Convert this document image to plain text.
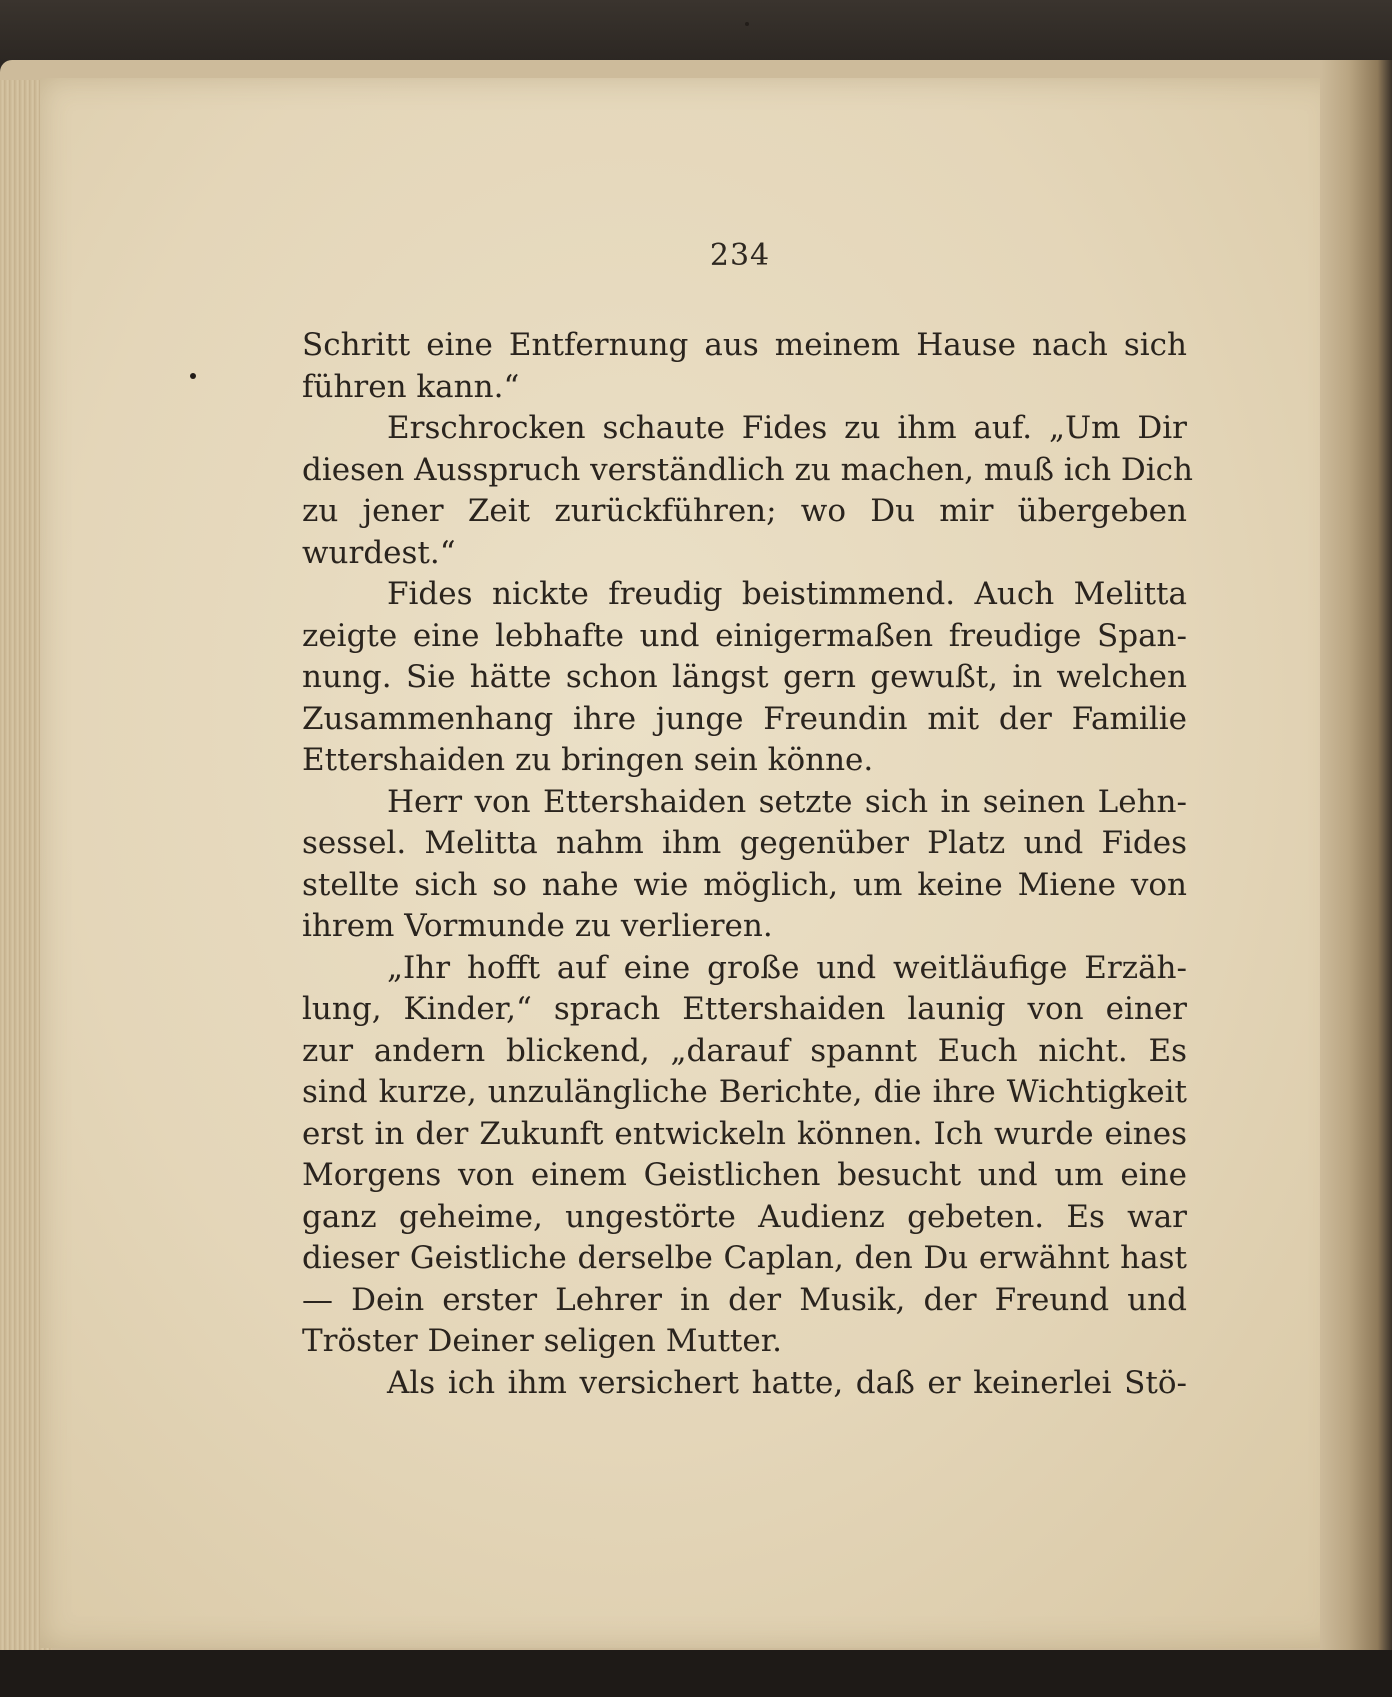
234
Schritt eine Entfernung aus meinem Hause nach sich
führen kann.“
Erschrocken schaute Fides zu ihm auf. „Um Dir
diesen Ausspruch verständlich zu machen, muß ich Dich
zu jener Zeit zurückführen; wo Du mir übergeben
wurdest.“
Fides nickte freudig beistimmend. Auch Melitta
zeigte eine lebhafte und einigermaßen freudige Span-
nung. Sie hätte schon längst gern gewußt, in welchen
Zusammenhang ihre junge Freundin mit der Familie
Ettershaiden zu bringen sein könne.
Herr von Ettershaiden setzte sich in seinen Lehn-
sessel. Melitta nahm ihm gegenüber Platz und Fides
stellte sich so nahe wie möglich, um keine Miene von
ihrem Vormunde zu verlieren.
„Ihr hofft auf eine große und weitläufige Erzäh-
lung, Kinder,“ sprach Ettershaiden launig von einer
zur andern blickend, „darauf spannt Euch nicht. Es
sind kurze, unzulängliche Berichte, die ihre Wichtigkeit
erst in der Zukunft entwickeln können. Ich wurde eines
Morgens von einem Geistlichen besucht und um eine
ganz geheime, ungestörte Audienz gebeten. Es war
dieser Geistliche derselbe Caplan, den Du erwähnt hast
— Dein erster Lehrer in der Musik, der Freund und
Tröster Deiner seligen Mutter.
Als ich ihm versichert hatte, daß er keinerlei Stö-
